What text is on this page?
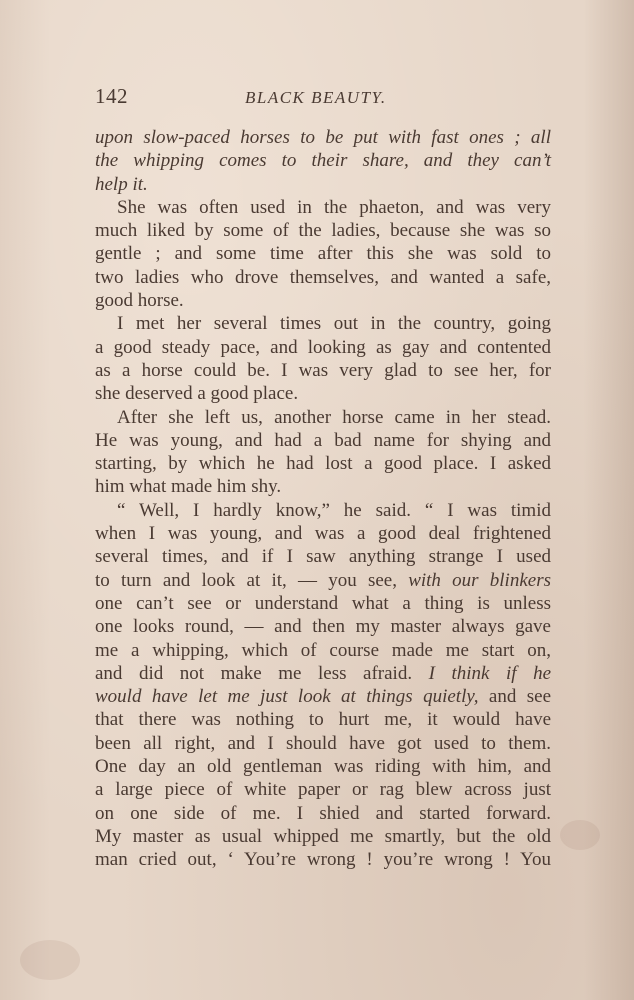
142	BLACK BEAUTY.
upon slow-paced horses to be put with fast ones ; all
the whipping comes to their share, and they can’t
help it.
She was often used in the phaeton, and was very
much liked by some of the ladies, because she was so
gentle ; and some time after this she was sold to
two ladies who drove themselves, and wanted a safe,
good horse.
I met her several times out in the country, going
a good steady pace, and looking as gay and contented
as a horse could be. I was very glad to see her, for
she deserved a good place.
After she left us, another horse came in her stead.
He was young, and had a bad name for shying and
starting, by which he had lost a good place. I asked
him what made him shy.
“ Well, I hardly know,” he said. “ I was timid
when I was young, and was a good deal frightened
several times, and if I saw anything strange I used
to turn and look at it, — you see, with our blinkers
one can’t see or understand what a thing is unless
one looks round, — and then my master always gave
me a whipping, which of course made me start on,
and did not make me less afraid. I think if he
would have let me just look at things quietly, and see
that there was nothing to hurt me, it would have
been all right, and I should have got used to them.
One day an old gentleman was riding with him, and
a large piece of white paper or rag blew across just
on one side of me. I shied and started forward.
My master as usual whipped me smartly, but the old
man cried out, ‘ You’re wrong ! you’re wrong ! You
